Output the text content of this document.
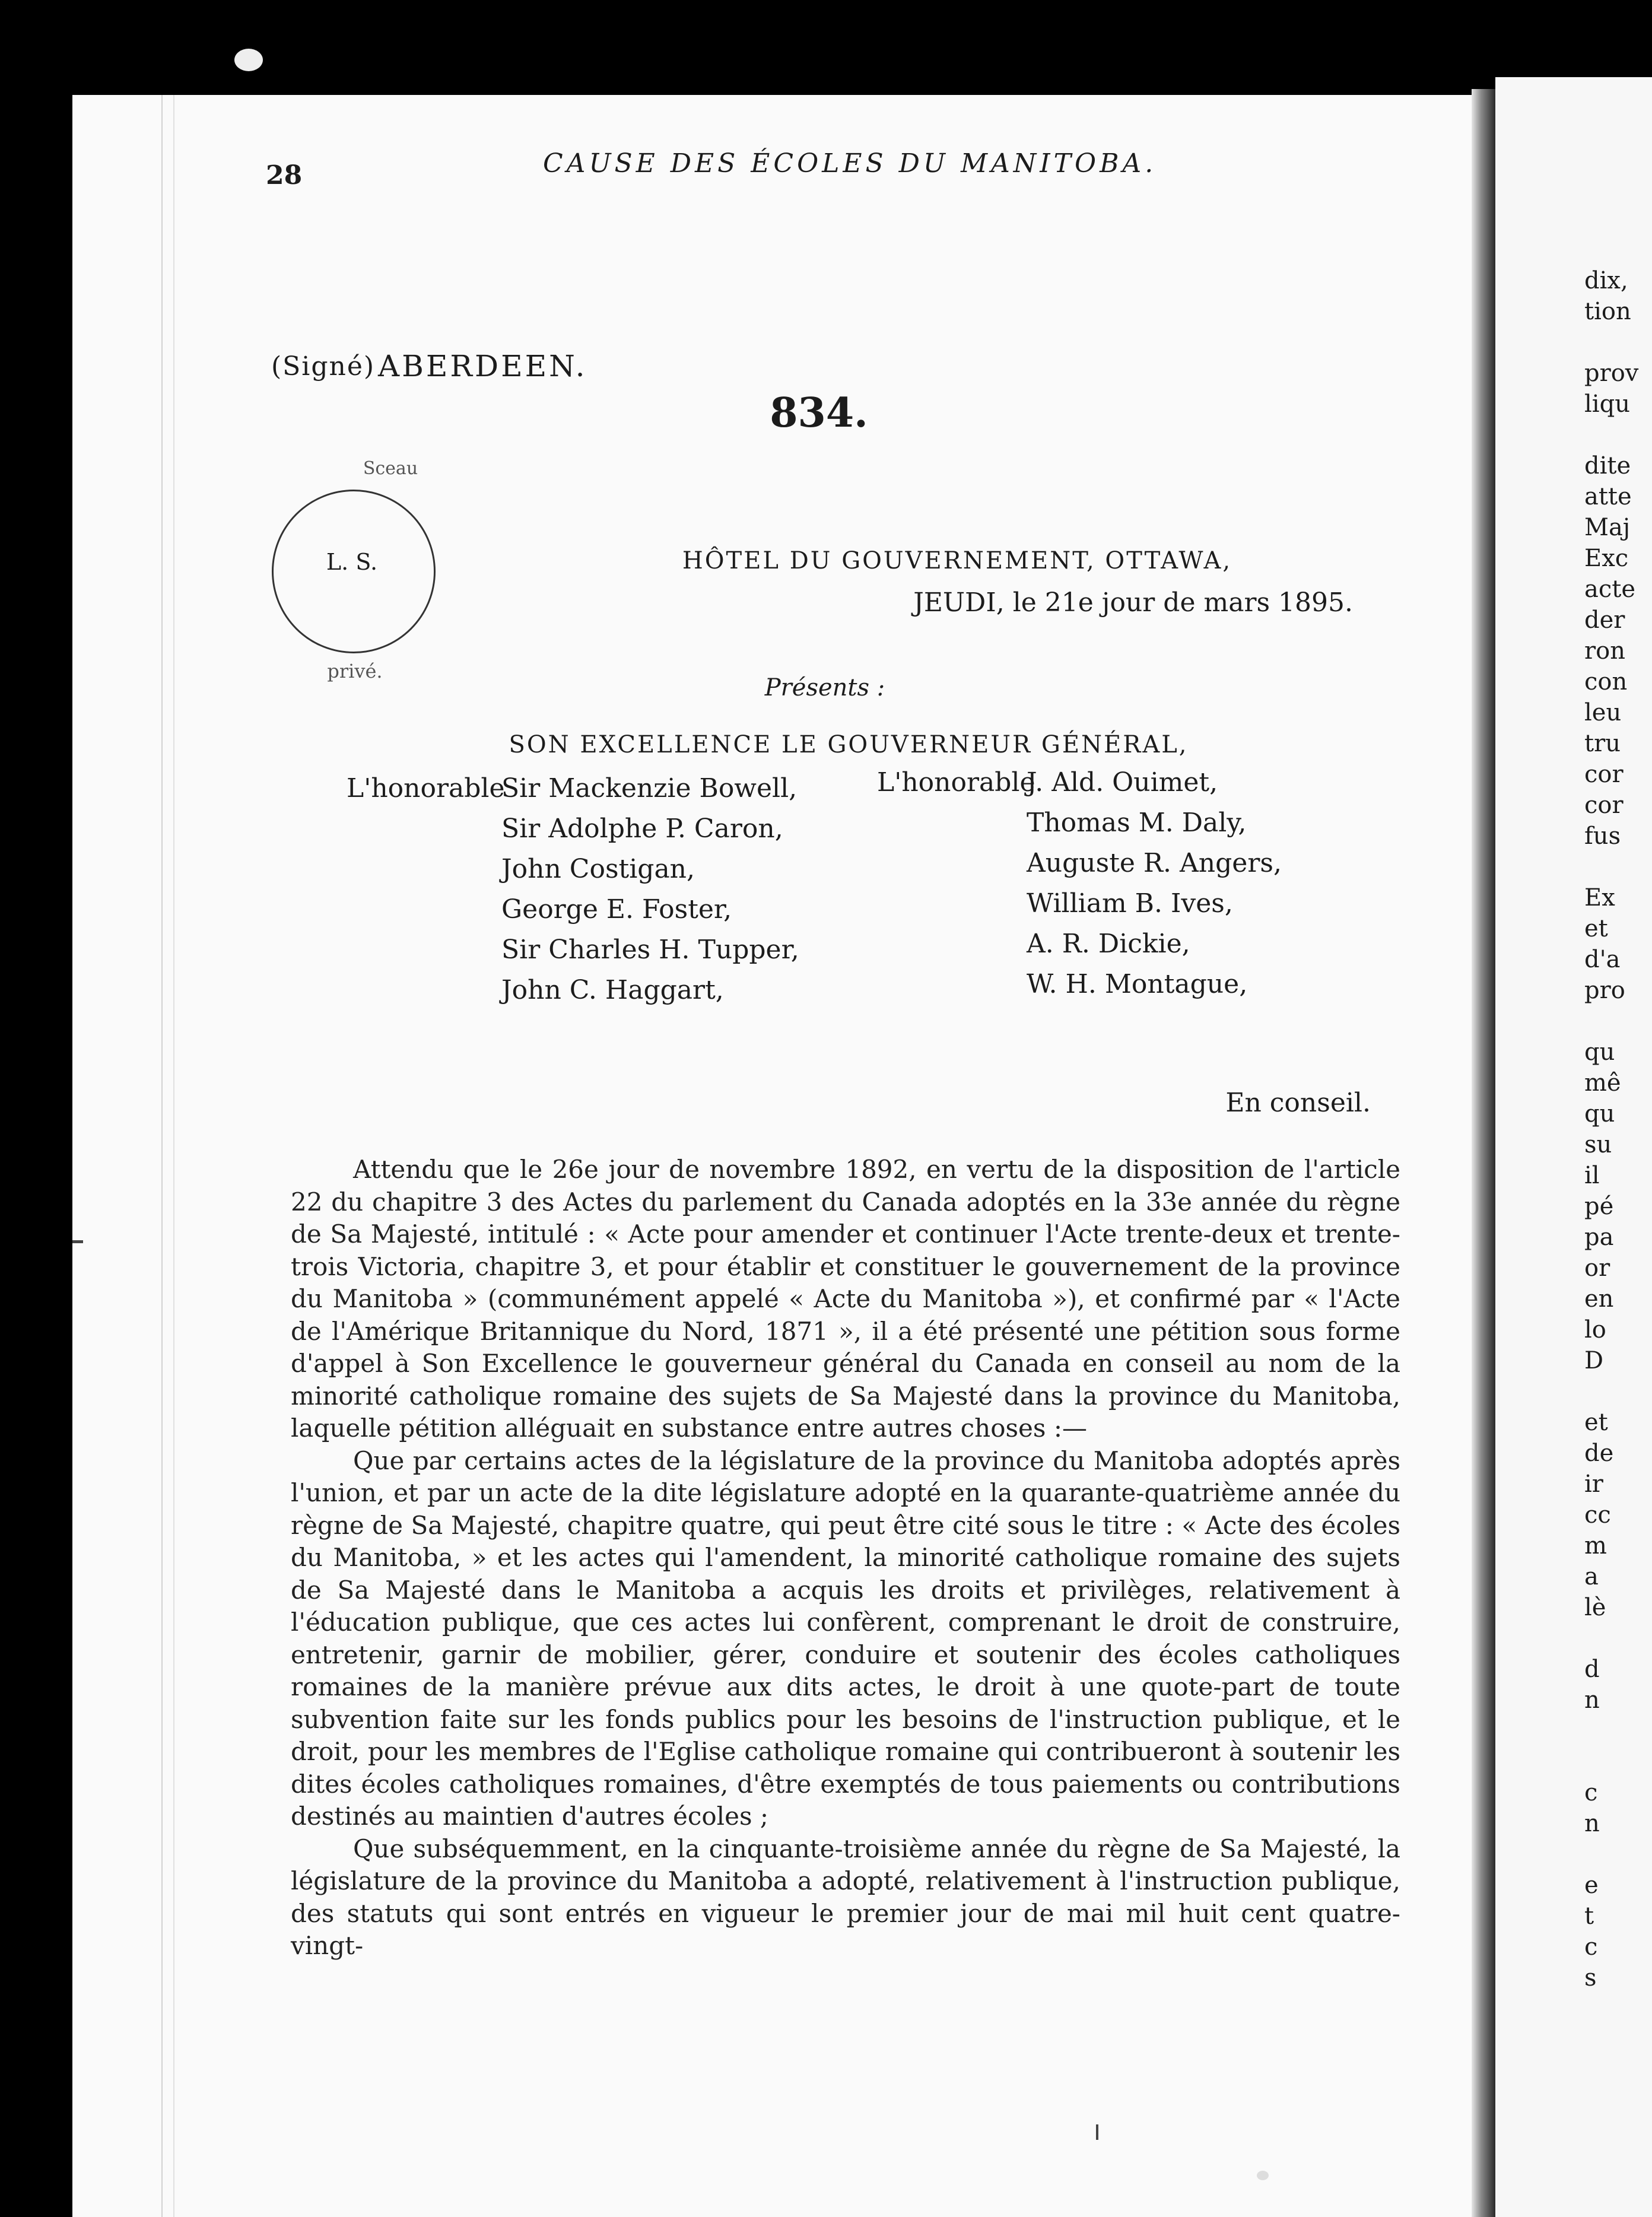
28	CAUSE DES ÉCOLES DU MANITOBA.
(Signé) ABERDEEN.
834.
Sceau
L. S.
privé.
HÔTEL DU GOUVERNEMENT, OTTAWA,
JEUDI, le 21e jour de mars 1895.
Présents :
SON EXCELLENCE LE GOUVERNEUR GÉNÉRAL,
L'honorable
Sir Mackenzie Bowell,
Sir Adolphe P. Caron,
John Costigan,
George E. Foster,
Sir Charles H. Tupper,
John C. Haggart,
L'honorable
J. Ald. Ouimet,
Thomas M. Daly,
Auguste R. Angers,
William B. Ives,
A. R. Dickie,
W. H. Montague,
En conseil.

Attendu que le 26e jour de novembre 1892, en vertu de la disposition de l'article 22 du chapitre 3 des Actes du parlement du Canada adoptés en la 33e année du règne de Sa Majesté, intitulé : « Acte pour amender et continuer l'Acte trente-deux et trente-trois Victoria, chapitre 3, et pour établir et constituer le gouvernement de la province du Manitoba » (communément appelé « Acte du Manitoba »), et confirmé par « l'Acte de l'Amérique Britannique du Nord, 1871 », il a été présenté une pétition sous forme d'appel à Son Excellence le gouverneur général du Canada en conseil au nom de la minorité catholique romaine des sujets de Sa Majesté dans la province du Manitoba, laquelle pétition alléguait en substance entre autres choses :—

Que par certains actes de la législature de la province du Manitoba adoptés après l'union, et par un acte de la dite législature adopté en la quarante-quatrième année du règne de Sa Majesté, chapitre quatre, qui peut être cité sous le titre : « Acte des écoles du Manitoba, » et les actes qui l'amendent, la minorité catholique romaine des sujets de Sa Majesté dans le Manitoba a acquis les droits et privilèges, relativement à l'éducation publique, que ces actes lui confèrent, comprenant le droit de construire, entretenir, garnir de mobilier, gérer, conduire et soutenir des écoles catholiques romaines de la manière prévue aux dits actes, le droit à une quote-part de toute subvention faite sur les fonds publics pour les besoins de l'instruction publique, et le droit, pour les membres de l'Eglise catholique romaine qui contribueront à soutenir les dites écoles catholiques romaines, d'être exemptés de tous paiements ou contributions destinés au maintien d'autres écoles ;

Que subséquemment, en la cinquante-troisième année du règne de Sa Majesté, la législature de la province du Manitoba a adopté, relativement à l'instruction publique, des statuts qui sont entrés en vigueur le premier jour de mai mil huit cent quatre-vingt-

dix,
tion
prov
liqu
dite
atte
Maj
Exc
acte
der
ron
con
leu
tru
cor
cor
fus
Ex
et
d'a
pro
qu
mê
qu
su
il
pé
pa
or
en
lo
D
et
de
ir
cc
m
a
lè
d
n
c
n
e
t
c
s
